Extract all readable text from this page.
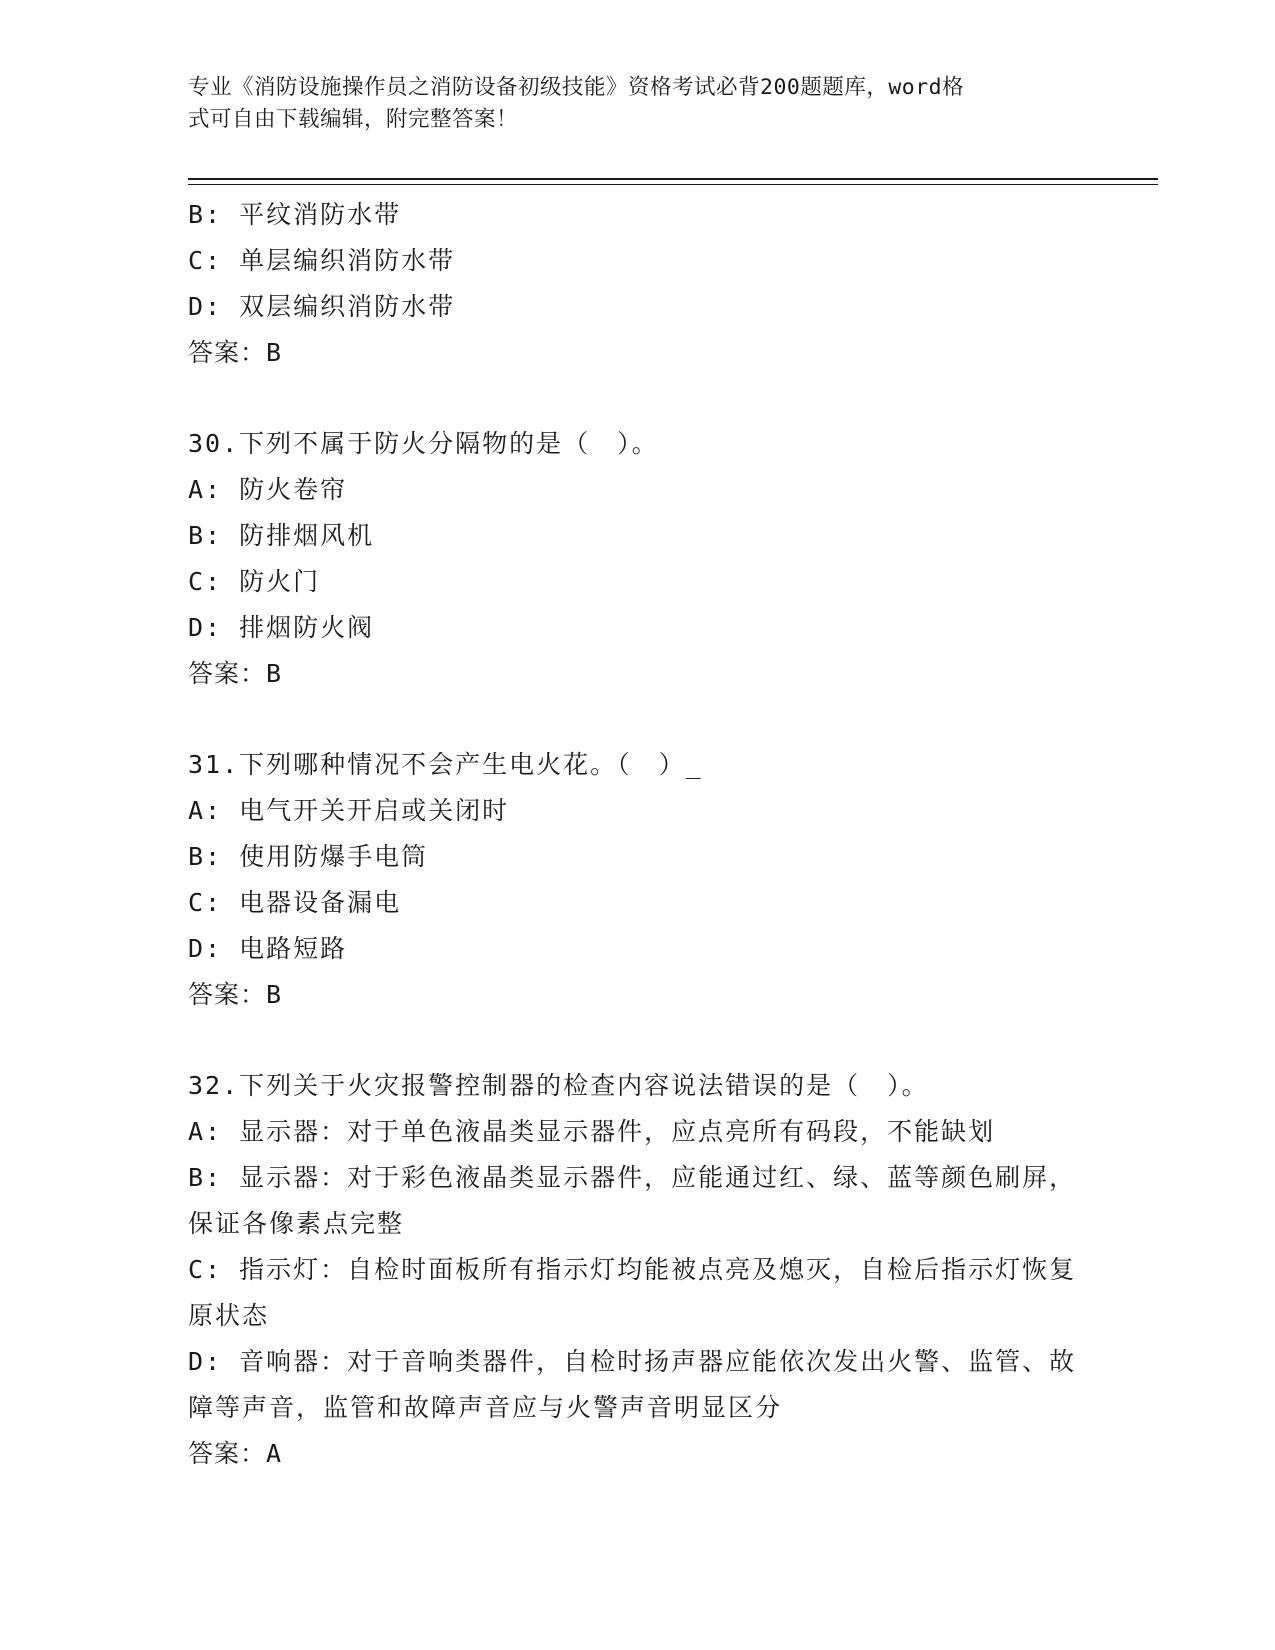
专业《消防设施操作员之消防设备初级技能》资格考试必背200题题库，word格
式可自由下载编辑，附完整答案！
B: 平纹消防水带
C: 单层编织消防水带
D: 双层编织消防水带
答案：B
30.下列不属于防火分隔物的是（　）。
A: 防火卷帘
B: 防排烟风机
C: 防火门
D: 排烟防火阀
答案：B
31.下列哪种情况不会产生电火花。（　）_
A: 电气开关开启或关闭时
B: 使用防爆手电筒
C: 电器设备漏电
D: 电路短路
答案：B
32.下列关于火灾报警控制器的检查内容说法错误的是（　）。
A: 显示器：对于单色液晶类显示器件，应点亮所有码段，不能缺划
B: 显示器：对于彩色液晶类显示器件，应能通过红、绿、蓝等颜色刷屏，保证各像素点完整
C: 指示灯：自检时面板所有指示灯均能被点亮及熄灭，自检后指示灯恢复原状态
D: 音响器：对于音响类器件，自检时扬声器应能依次发出火警、监管、故障等声音，监管和故障声音应与火警声音明显区分
答案：A
